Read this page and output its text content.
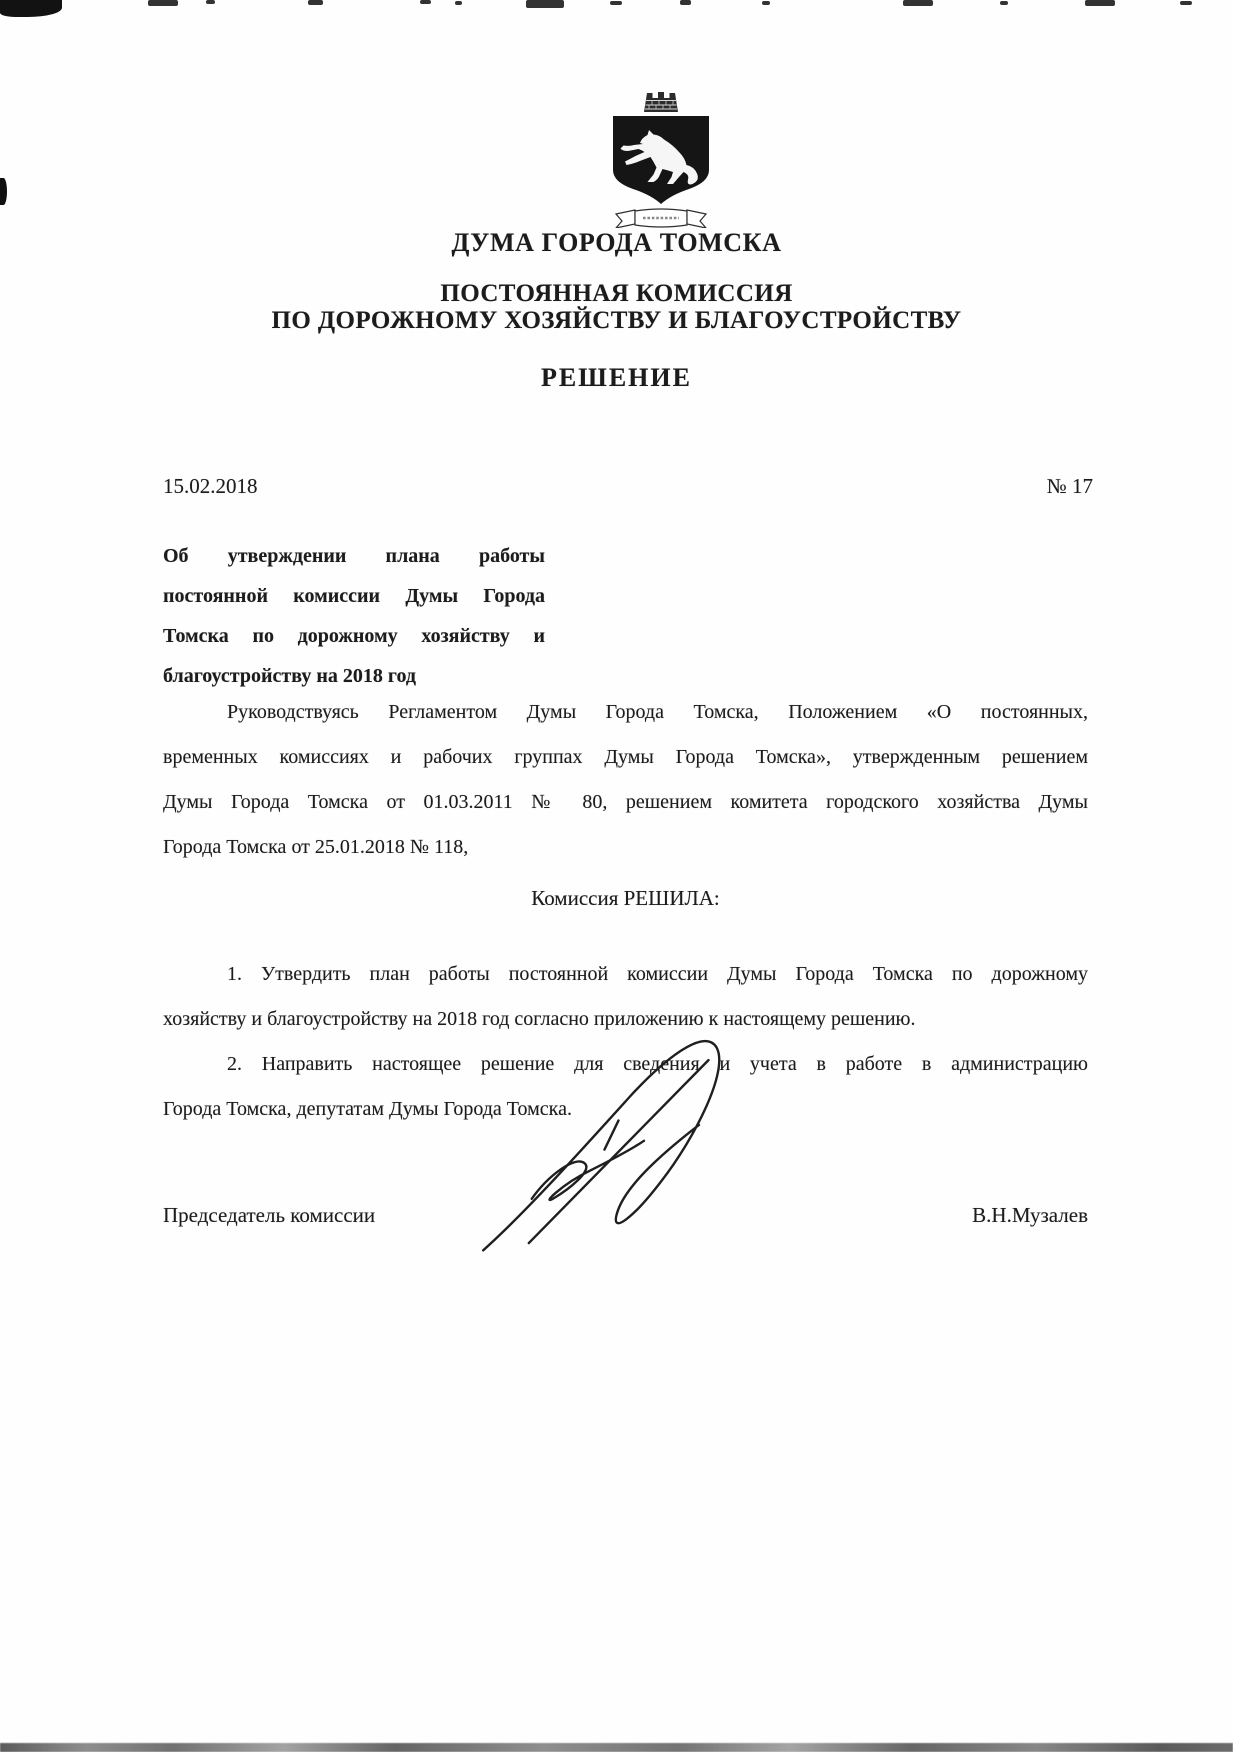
ДУМА ГОРОДА ТОМСКА
ПОСТОЯННАЯ КОМИССИЯ
ПО ДОРОЖНОМУ ХОЗЯЙСТВУ И БЛАГОУСТРОЙСТВУ
РЕШЕНИЕ
15.02.2018	№ 17
Об утверждении плана работы
постоянной комиссии Думы Города
Томска по дорожному хозяйству и
благоустройству на 2018 год
Руководствуясь Регламентом Думы Города Томска, Положением «О постоянных,
временных комиссиях и рабочих группах Думы Города Томска», утвержденным решением
Думы Города Томска от 01.03.2011 № 80, решением комитета городского хозяйства Думы
Города Томска от 25.01.2018 № 118,
Комиссия РЕШИЛА:

1. Утвердить план работы постоянной комиссии Думы Города Томска по дорожному
хозяйству и благоустройству на 2018 год согласно приложению к настоящему решению.

2. Направить настоящее решение для сведения и учета в работе в администрацию
Города Томска, депутатам Думы Города Томска.

Председатель комиссии	В.Н.Музалев
